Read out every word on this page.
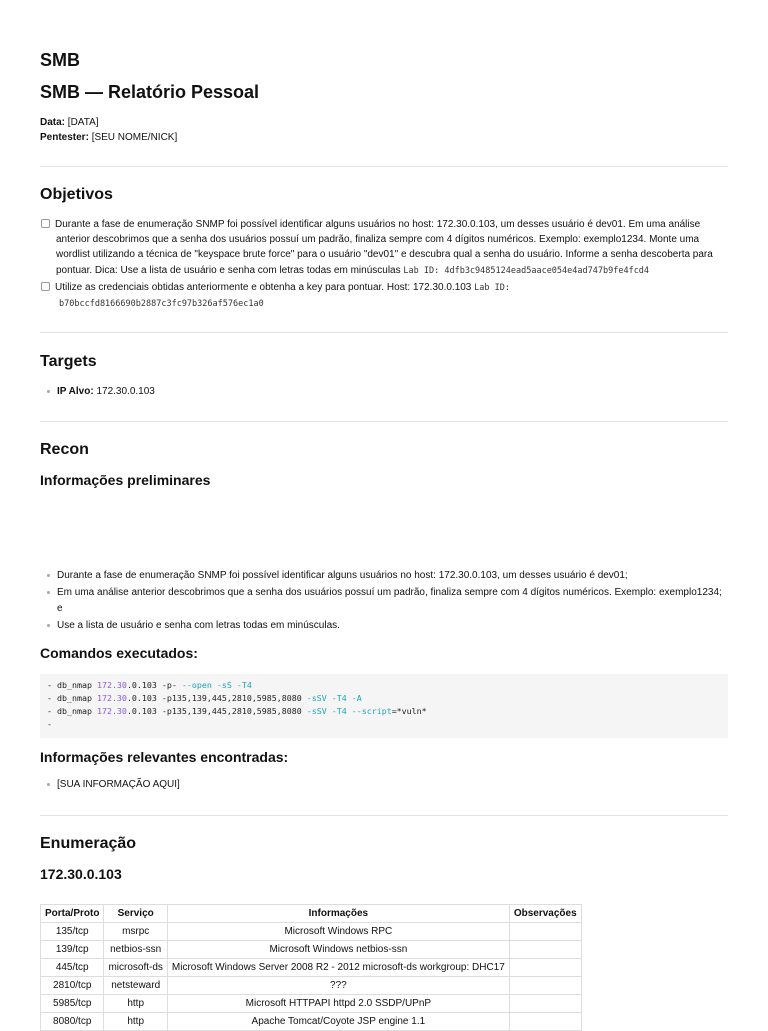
SMB
SMB — Relatório Pessoal
Data: [DATA]
Pentester: [SEU NOME/NICK]
Objetivos
Durante a fase de enumeração SNMP foi possível identificar alguns usuários no host: 172.30.0.103, um desses usuário é dev01. Em uma análise
anterior descobrimos que a senha dos usuários possuí um padrão, finaliza sempre com 4 dígitos numéricos. Exemplo: exemplo1234. Monte uma
wordlist utilizando a técnica de "keyspace brute force" para o usuário "dev01" e descubra qual a senha do usuário. Informe a senha descoberta para
pontuar. Dica: Use a lista de usuário e senha com letras todas em minúsculas Lab ID: 4dfb3c9485124ead5aace054e4ad747b9fe4fcd4
Utilize as credenciais obtidas anteriormente e obtenha a key para pontuar. Host: 172.30.0.103 Lab ID:
b70bccfd8166690b2887c3fc97b326af576ec1a0
Targets
IP Alvo: 172.30.0.103
Recon
Informações preliminares
Durante a fase de enumeração SNMP foi possível identificar alguns usuários no host: 172.30.0.103, um desses usuário é dev01;
Em uma análise anterior descobrimos que a senha dos usuários possuí um padrão, finaliza sempre com 4 dígitos numéricos. Exemplo: exemplo1234; e
Use a lista de usuário e senha com letras todas em minúsculas.
Comandos executados:
- db_nmap 172.30.0.103 -p- --open -sS -T4
- db_nmap 172.30.0.103 -p135,139,445,2810,5985,8080 -sSV -T4 -A
- db_nmap 172.30.0.103 -p135,139,445,2810,5985,8080 -sSV -T4 --script=*vuln*
-
Informações relevantes encontradas:
[SUA INFORMAÇÃO AQUI]
Enumeração
172.30.0.103
Porta/Proto	Serviço	Informações	Observações
135/tcp	msrpc	Microsoft Windows RPC	
139/tcp	netbios-ssn	Microsoft Windows netbios-ssn	
445/tcp	microsoft-ds	Microsoft Windows Server 2008 R2 - 2012 microsoft-ds workgroup: DHC17	
2810/tcp	netsteward	???	
5985/tcp	http	Microsoft HTTPAPI httpd 2.0 SSDP/UPnP	
8080/tcp	http	Apache Tomcat/Coyote JSP engine 1.1	
